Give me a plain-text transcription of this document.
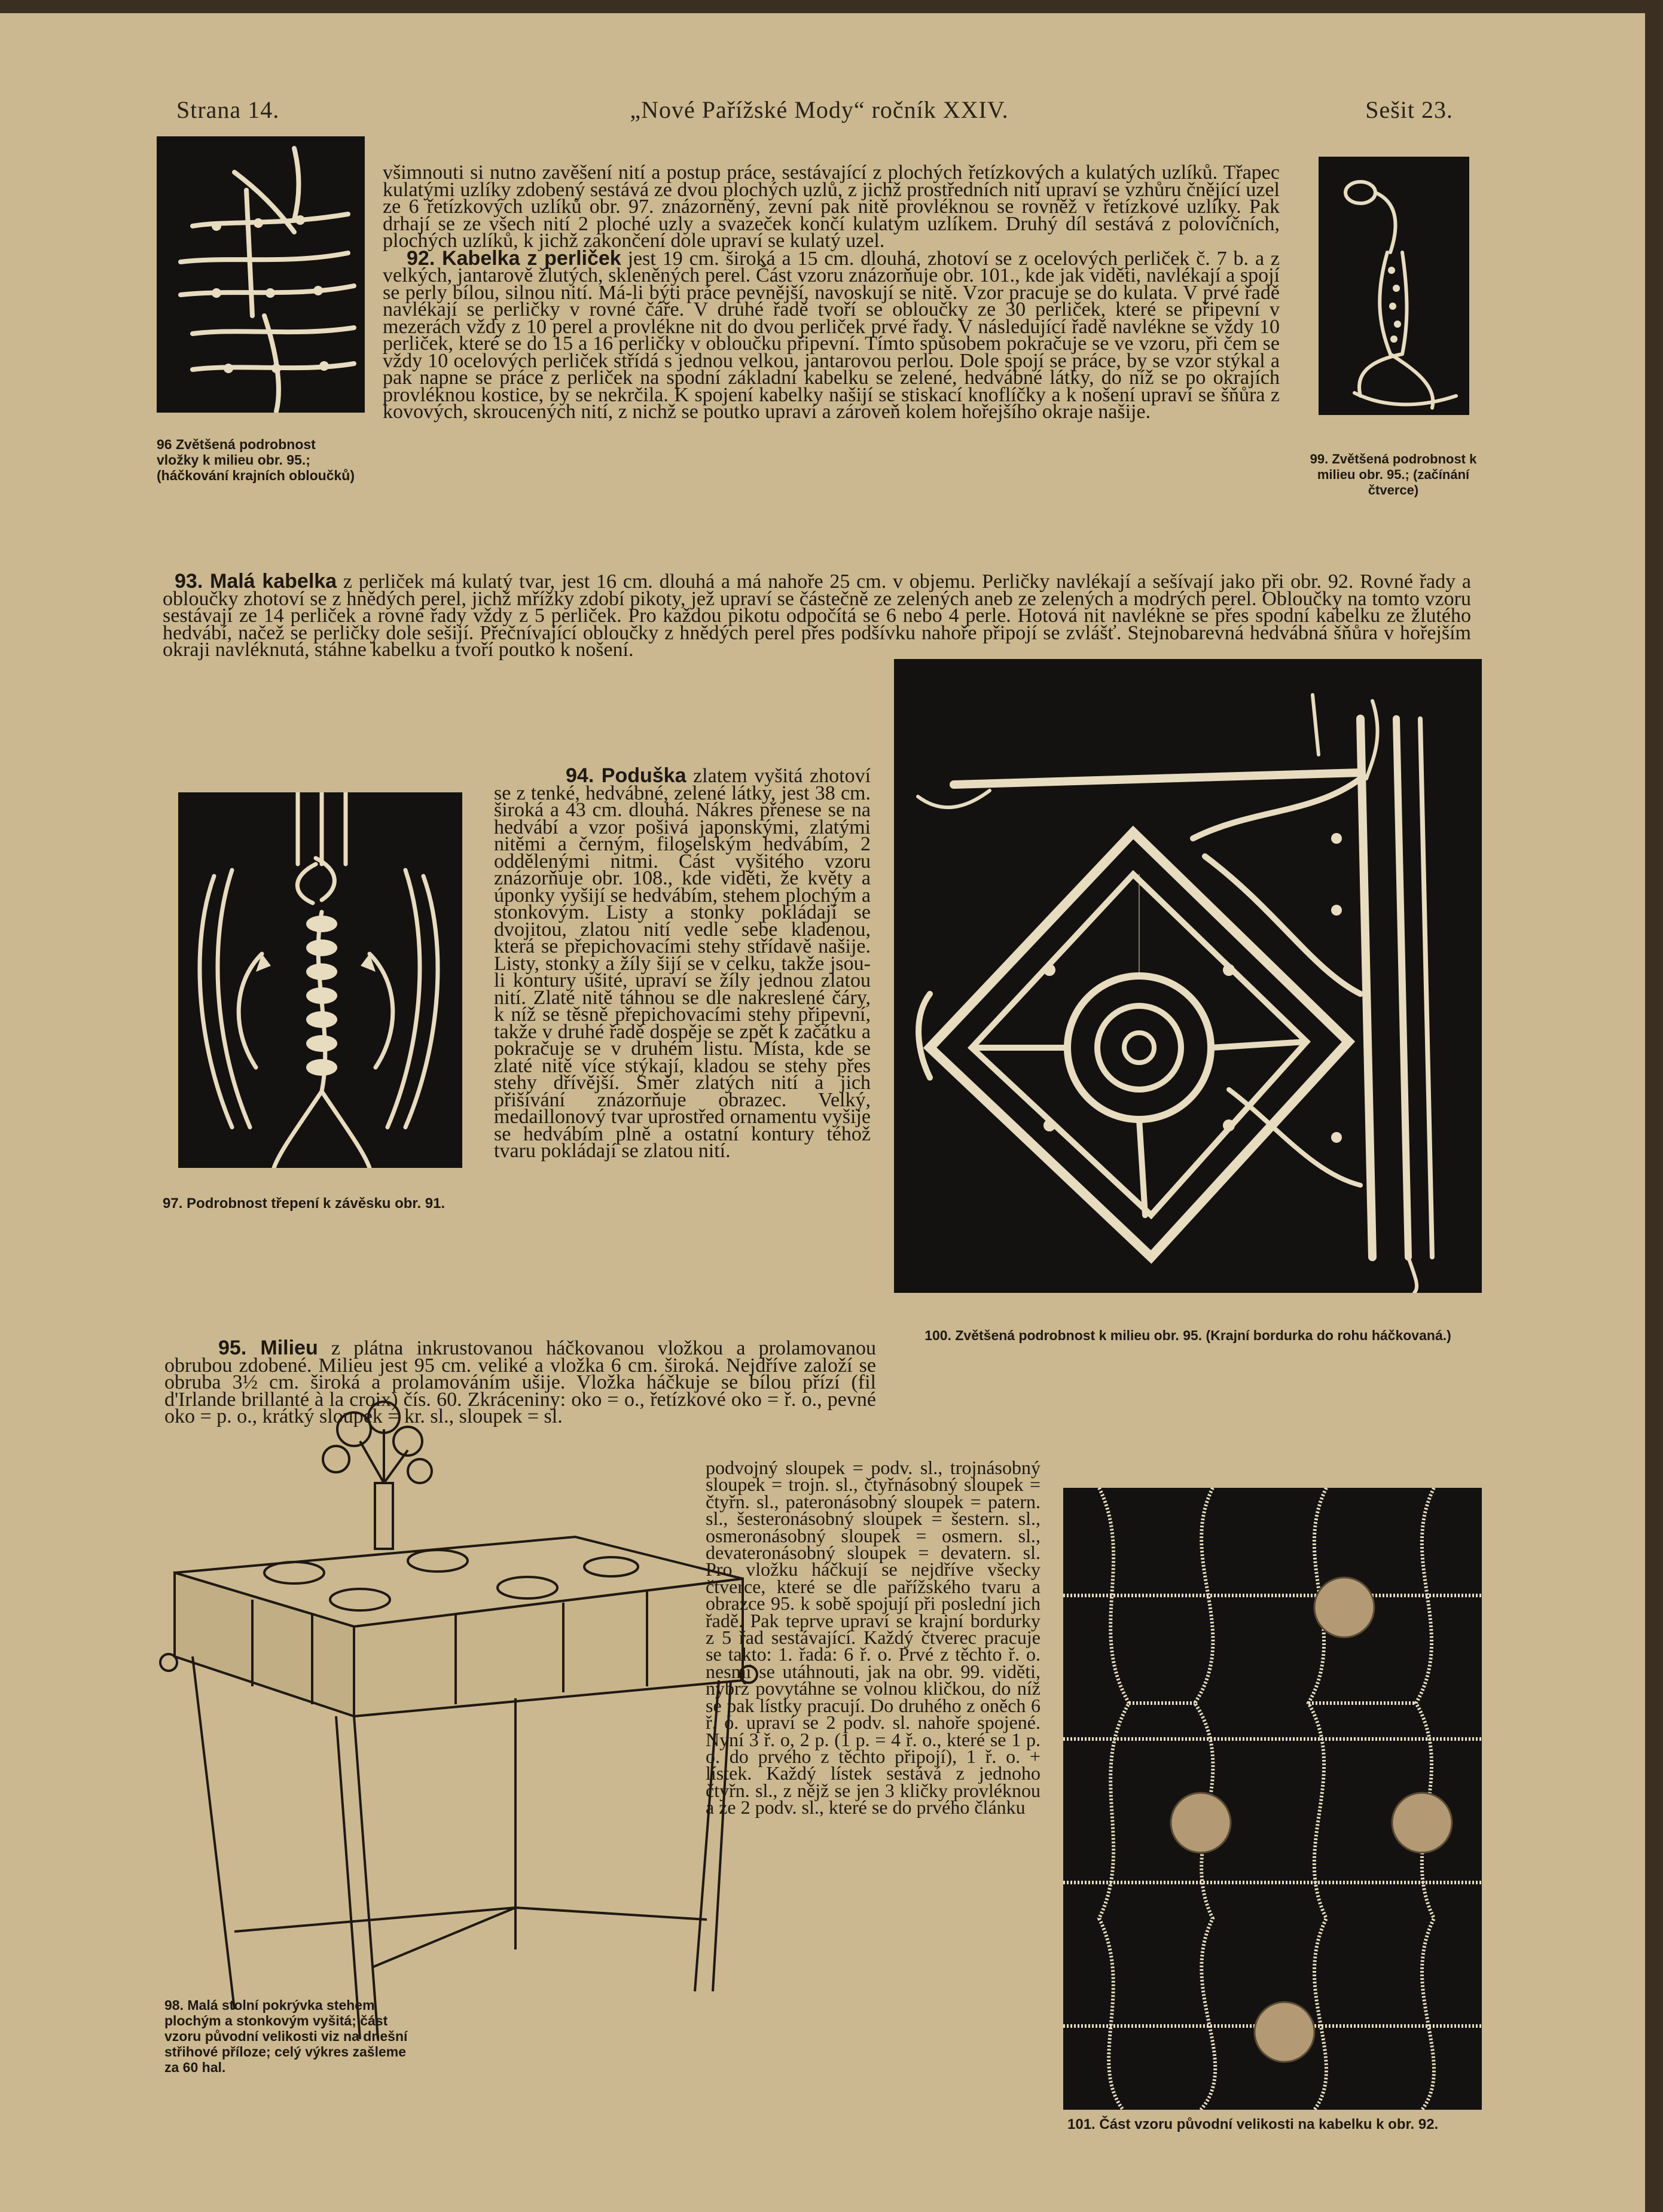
Strana 14.	„Nové Pařížské Mody“ ročník XXIV.	Sešit 23.
96 Zvětšená podrobnost vložky k milieu obr. 95.; (háčkování krajních obloučků)
99. Zvětšená podrobnost k milieu obr. 95.; (začínání čtverce)

všimnouti si nutno zavěšení nití a postup práce, sestávající z plochých řetízkových a kulatých uzlíků. Třapec kulatými uzlíky zdobený sestává ze dvou plochých uzlů, z jichž prostředních nití upraví se vzhůru čnějící uzel ze 6 řetízkových uzlíků obr. 97. znázorněný, zevní pak nitě provléknou se rovněž v řetízkové uzlíky. Pak drhají se ze všech nití 2 ploché uzly a svazeček končí kulatým uzlíkem. Druhý díl sestává z polovičních, plochých uzlíků, k jichž zakončení dole upraví se kulatý uzel.

92. Kabelka z perliček jest 19 cm. široká a 15 cm. dlouhá, zhotoví se z ocelových perliček č. 7 b. a z velkých, jantarově žlutých, skleněných perel. Část vzoru znázorňuje obr. 101., kde jak viděti, navlékají a spojí se perly bílou, silnou nití. Má-li býti práce pevnější, navoskují se nitě. Vzor pracuje se do kulata. V prvé řadě navlékají se perličky v rovné čáře. V druhé řadě tvoří se obloučky ze 30 perliček, které se připevní v mezerách vždy z 10 perel a provlékne nit do dvou perliček prvé řady. V následující řadě navlékne se vždy 10 perliček, které se do 15 a 16 perličky v obloučku připevní. Tímto spůsobem pokračuje se ve vzoru, při čem se vždy 10 ocelových perliček střídá s jednou velkou, jantarovou perlou. Dole spojí se práce, by se vzor stýkal a pak napne se práce z perliček na spodní základní kabelku se zelené, hedvábné látky, do níž se po okrajích provléknou kostice, by se nekrčila. K spojení kabelky našijí se stiskací knoflíčky a k nošení upraví se šňůra z kovových, skroucených nití, z nichž se poutko upraví a zároveň kolem hořejšího okraje našije.

93. Malá kabelka z perliček má kulatý tvar, jest 16 cm. dlouhá a má nahoře 25 cm. v objemu. Perličky navlékají a sešívají jako při obr. 92. Rovné řady a obloučky zhotoví se z hnědých perel, jichž mřížky zdobí pikoty, jež upraví se částečně ze zelených aneb ze zelených a modrých perel. Obloučky na tomto vzoru sestávají ze 14 perliček a rovné řady vždy z 5 perliček. Pro každou pikotu odpočítá se 6 nebo 4 perle. Hotová nit navlékne se přes spodní kabelku ze žlutého hedvábí, načež se perličky dole sešijí. Přečnívající obloučky z hnědých perel přes podšívku nahoře připojí se zvlášť. Stejnobarevná hedvábná šňůra v hořejším okraji navléknutá, stáhne kabelku a tvoří poutko k nošení.
97. Podrobnost třepení k závěsku obr. 91.
100. Zvětšená podrobnost k milieu obr. 95. (Krajní bordurka do rohu háčkovaná.)

94. Poduška zlatem vyšitá zhotoví se z tenké, hedvábné, zelené látky, jest 38 cm. široká a 43 cm. dlouhá. Nákres přenese se na hedvábí a vzor pošivá japonskými, zlatými nitěmi a černým, filoselským hedvábím, 2 oddělenými nitmi. Část vyšitého vzoru znázorňuje obr. 108., kde viděti, že květy a úponky vyšijí se hedvábím, stehem plochým a stonkovým. Listy a stonky pokládají se dvojitou, zlatou nití vedle sebe kladenou, která se přepichovacími stehy střídavě našije. Listy, stonky a žíly šijí se v celku, takže jsou-li kontury ušité, upraví se žíly jednou zlatou nití. Zlaté nitě táhnou se dle nakreslené čáry, k níž se těsně přepichovacími stehy připevní, takže v druhé řadě dospěje se zpět k začátku a pokračuje se v druhém listu. Místa, kde se zlaté nitě více stýkají, kladou se stehy přes stehy dřívější. Směr zlatých nití a jich přišívání znázorňuje obrazec. Velký, medaillonový tvar uprostřed ornamentu vyšije se hedvábím plně a ostatní kontury téhož tvaru pokládají se zlatou nití.

95. Milieu z plátna inkrustovanou háčkovanou vložkou a prolamovanou obrubou zdobené. Milieu jest 95 cm. veliké a vložka 6 cm. široká. Nejdříve založí se obruba 3½ cm. široká a prolamováním ušije. Vložka háčkuje se bílou přízí (fil d'Irlande brillanté à la croix) čís. 60. Zkráceniny: oko = o., řetízkové oko = ř. o., pevné oko = p. o., krátký sloupek = kr. sl., sloupek = sl.
98. Malá stolní pokrývka stehem plochým a stonkovým vyšitá; část vzoru původní velikosti viz na dnešní střihové příloze; celý výkres zašleme za 60 hal.
podvojný sloupek = podv. sl., trojnásobný sloupek = trojn. sl., čtyřnásobný sloupek = čtyřn. sl., pateronásobný sloupek = patern. sl., šesteronásobný sloupek = šestern. sl., osmeronásobný sloupek = osmern. sl., devateronásobný sloupek = devatern. sl. Pro vložku háčkují se nejdříve všecky čtverce, které se dle pařížského tvaru a obrazce 95. k sobě spojují při poslední jich řadě. Pak teprve upraví se krajní bordurky z 5 řad sestávající. Každý čtverec pracuje se takto: 1. řada: 6 ř. o. Prvé z těchto ř. o. nesmí se utáhnouti, jak na obr. 99. viděti, nýbrž povytáhne se volnou kličkou, do níž se pak lístky pracují. Do druhého z oněch 6 ř. o. upraví se 2 podv. sl. nahoře spojené. Nyní 3 ř. o, 2 p. (1 p. = 4 ř. o., které se 1 p. o. do prvého z těchto připojí), 1 ř. o. + lístek. Každý lístek sestává z jednoho čtyřn. sl., z nějž se jen 3 kličky provléknou a ze 2 podv. sl., které se do prvého článku
101. Část vzoru původní velikosti na kabelku k obr. 92.
